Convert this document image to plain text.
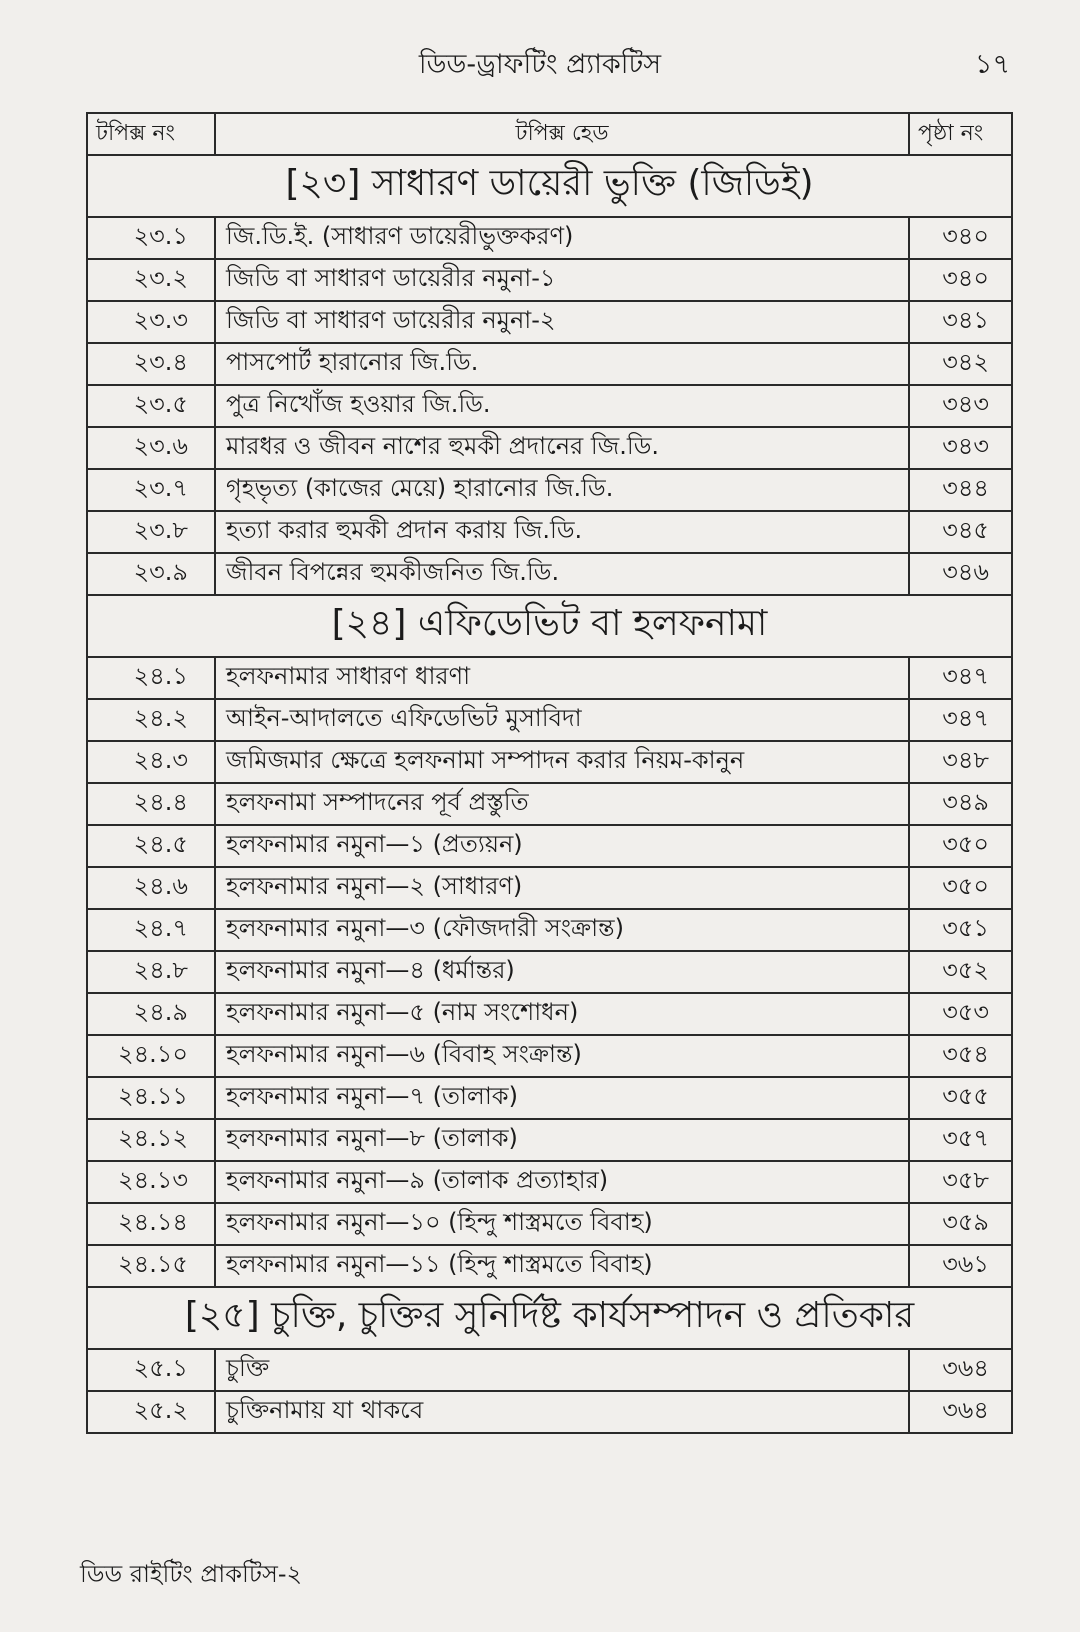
ডিড-ড্রাফটিং প্র্যাকটিস	১৭
টপিক্স নং	টপিক্স হেড	পৃষ্ঠা নং
[২৩] সাধারণ ডায়েরী ভুক্তি (জিডিই)		
২৩.১	জি.ডি.ই. (সাধারণ ডায়েরীভুক্তকরণ)	৩৪০
২৩.২	জিডি বা সাধারণ ডায়েরীর নমুনা-১	৩৪০
২৩.৩	জিডি বা সাধারণ ডায়েরীর নমুনা-২	৩৪১
২৩.৪	পাসপোর্ট হারানোর জি.ডি.	৩৪২
২৩.৫	পুত্র নিখোঁজ হওয়ার জি.ডি.	৩৪৩
২৩.৬	মারধর ও জীবন নাশের হুমকী প্রদানের জি.ডি.	৩৪৩
২৩.৭	গৃহভৃত্য (কাজের মেয়ে) হারানোর জি.ডি.	৩৪৪
২৩.৮	হত্যা করার হুমকী প্রদান করায় জি.ডি.	৩৪৫
২৩.৯	জীবন বিপন্নের হুমকীজনিত জি.ডি.	৩৪৬
[২৪] এফিডেভিট বা হলফনামা		
২৪.১	হলফনামার সাধারণ ধারণা	৩৪৭
২৪.২	আইন-আদালতে এফিডেভিট মুসাবিদা	৩৪৭
২৪.৩	জমিজমার ক্ষেত্রে হলফনামা সম্পাদন করার নিয়ম-কানুন	৩৪৮
২৪.৪	হলফনামা সম্পাদনের পূর্ব প্রস্তুতি	৩৪৯
২৪.৫	হলফনামার নমুনা—১ (প্রত্যয়ন)	৩৫০
২৪.৬	হলফনামার নমুনা—২ (সাধারণ)	৩৫০
২৪.৭	হলফনামার নমুনা—৩ (ফৌজদারী সংক্রান্ত)	৩৫১
২৪.৮	হলফনামার নমুনা—৪ (ধর্মান্তর)	৩৫২
২৪.৯	হলফনামার নমুনা—৫ (নাম সংশোধন)	৩৫৩
২৪.১০	হলফনামার নমুনা—৬ (বিবাহ সংক্রান্ত)	৩৫৪
২৪.১১	হলফনামার নমুনা—৭ (তালাক)	৩৫৫
২৪.১২	হলফনামার নমুনা—৮ (তালাক)	৩৫৭
২৪.১৩	হলফনামার নমুনা—৯ (তালাক প্রত্যাহার)	৩৫৮
২৪.১৪	হলফনামার নমুনা—১০ (হিন্দু শাস্ত্রমতে বিবাহ)	৩৫৯
২৪.১৫	হলফনামার নমুনা—১১ (হিন্দু শাস্ত্রমতে বিবাহ)	৩৬১
[২৫] চুক্তি, চুক্তির সুনির্দিষ্ট কার্যসম্পাদন ও প্রতিকার		
২৫.১	চুক্তি	৩৬৪
২৫.২	চুক্তিনামায় যা থাকবে	৩৬৪
ডিড রাইটিং প্রাকটিস-২
